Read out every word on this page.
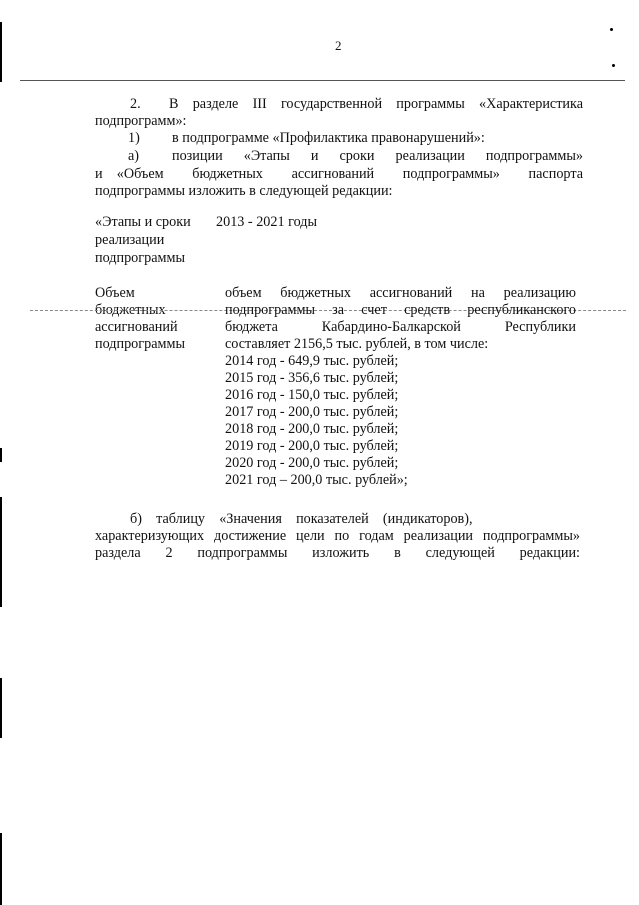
2
2.  В разделе III государственной программы «Характеристика
подпрограмм»:
1) в подпрограмме «Профилактика правонарушений»:
а) позиции «Этапы и сроки реализации подпрограммы»
и «Объем бюджетных ассигнований подпрограммы» паспорта
подпрограммы изложить в следующей редакции:
«Этапы и сроки
реализации
подпрограммы
2013 - 2021 годы
Объем
бюджетных
ассигнований
подпрограммы
объем бюджетных ассигнований на реализацию
подпрограммы за счет средств республиканского
бюджета Кабардино-Балкарской Республики
составляет 2156,5 тыс. рублей, в том числе:
2014 год - 649,9 тыс. рублей;
2015 год - 356,6 тыс. рублей;
2016 год - 150,0 тыс. рублей;
2017 год - 200,0 тыс. рублей;
2018 год - 200,0 тыс. рублей;
2019 год - 200,0 тыс. рублей;
2020 год - 200,0 тыс. рублей;
2021 год – 200,0 тыс. рублей»;
б) таблицу «Значения показателей (индикаторов),
характеризующих достижение цели по годам реализации подпрограммы»
раздела 2 подпрограммы изложить в следующей редакции:
